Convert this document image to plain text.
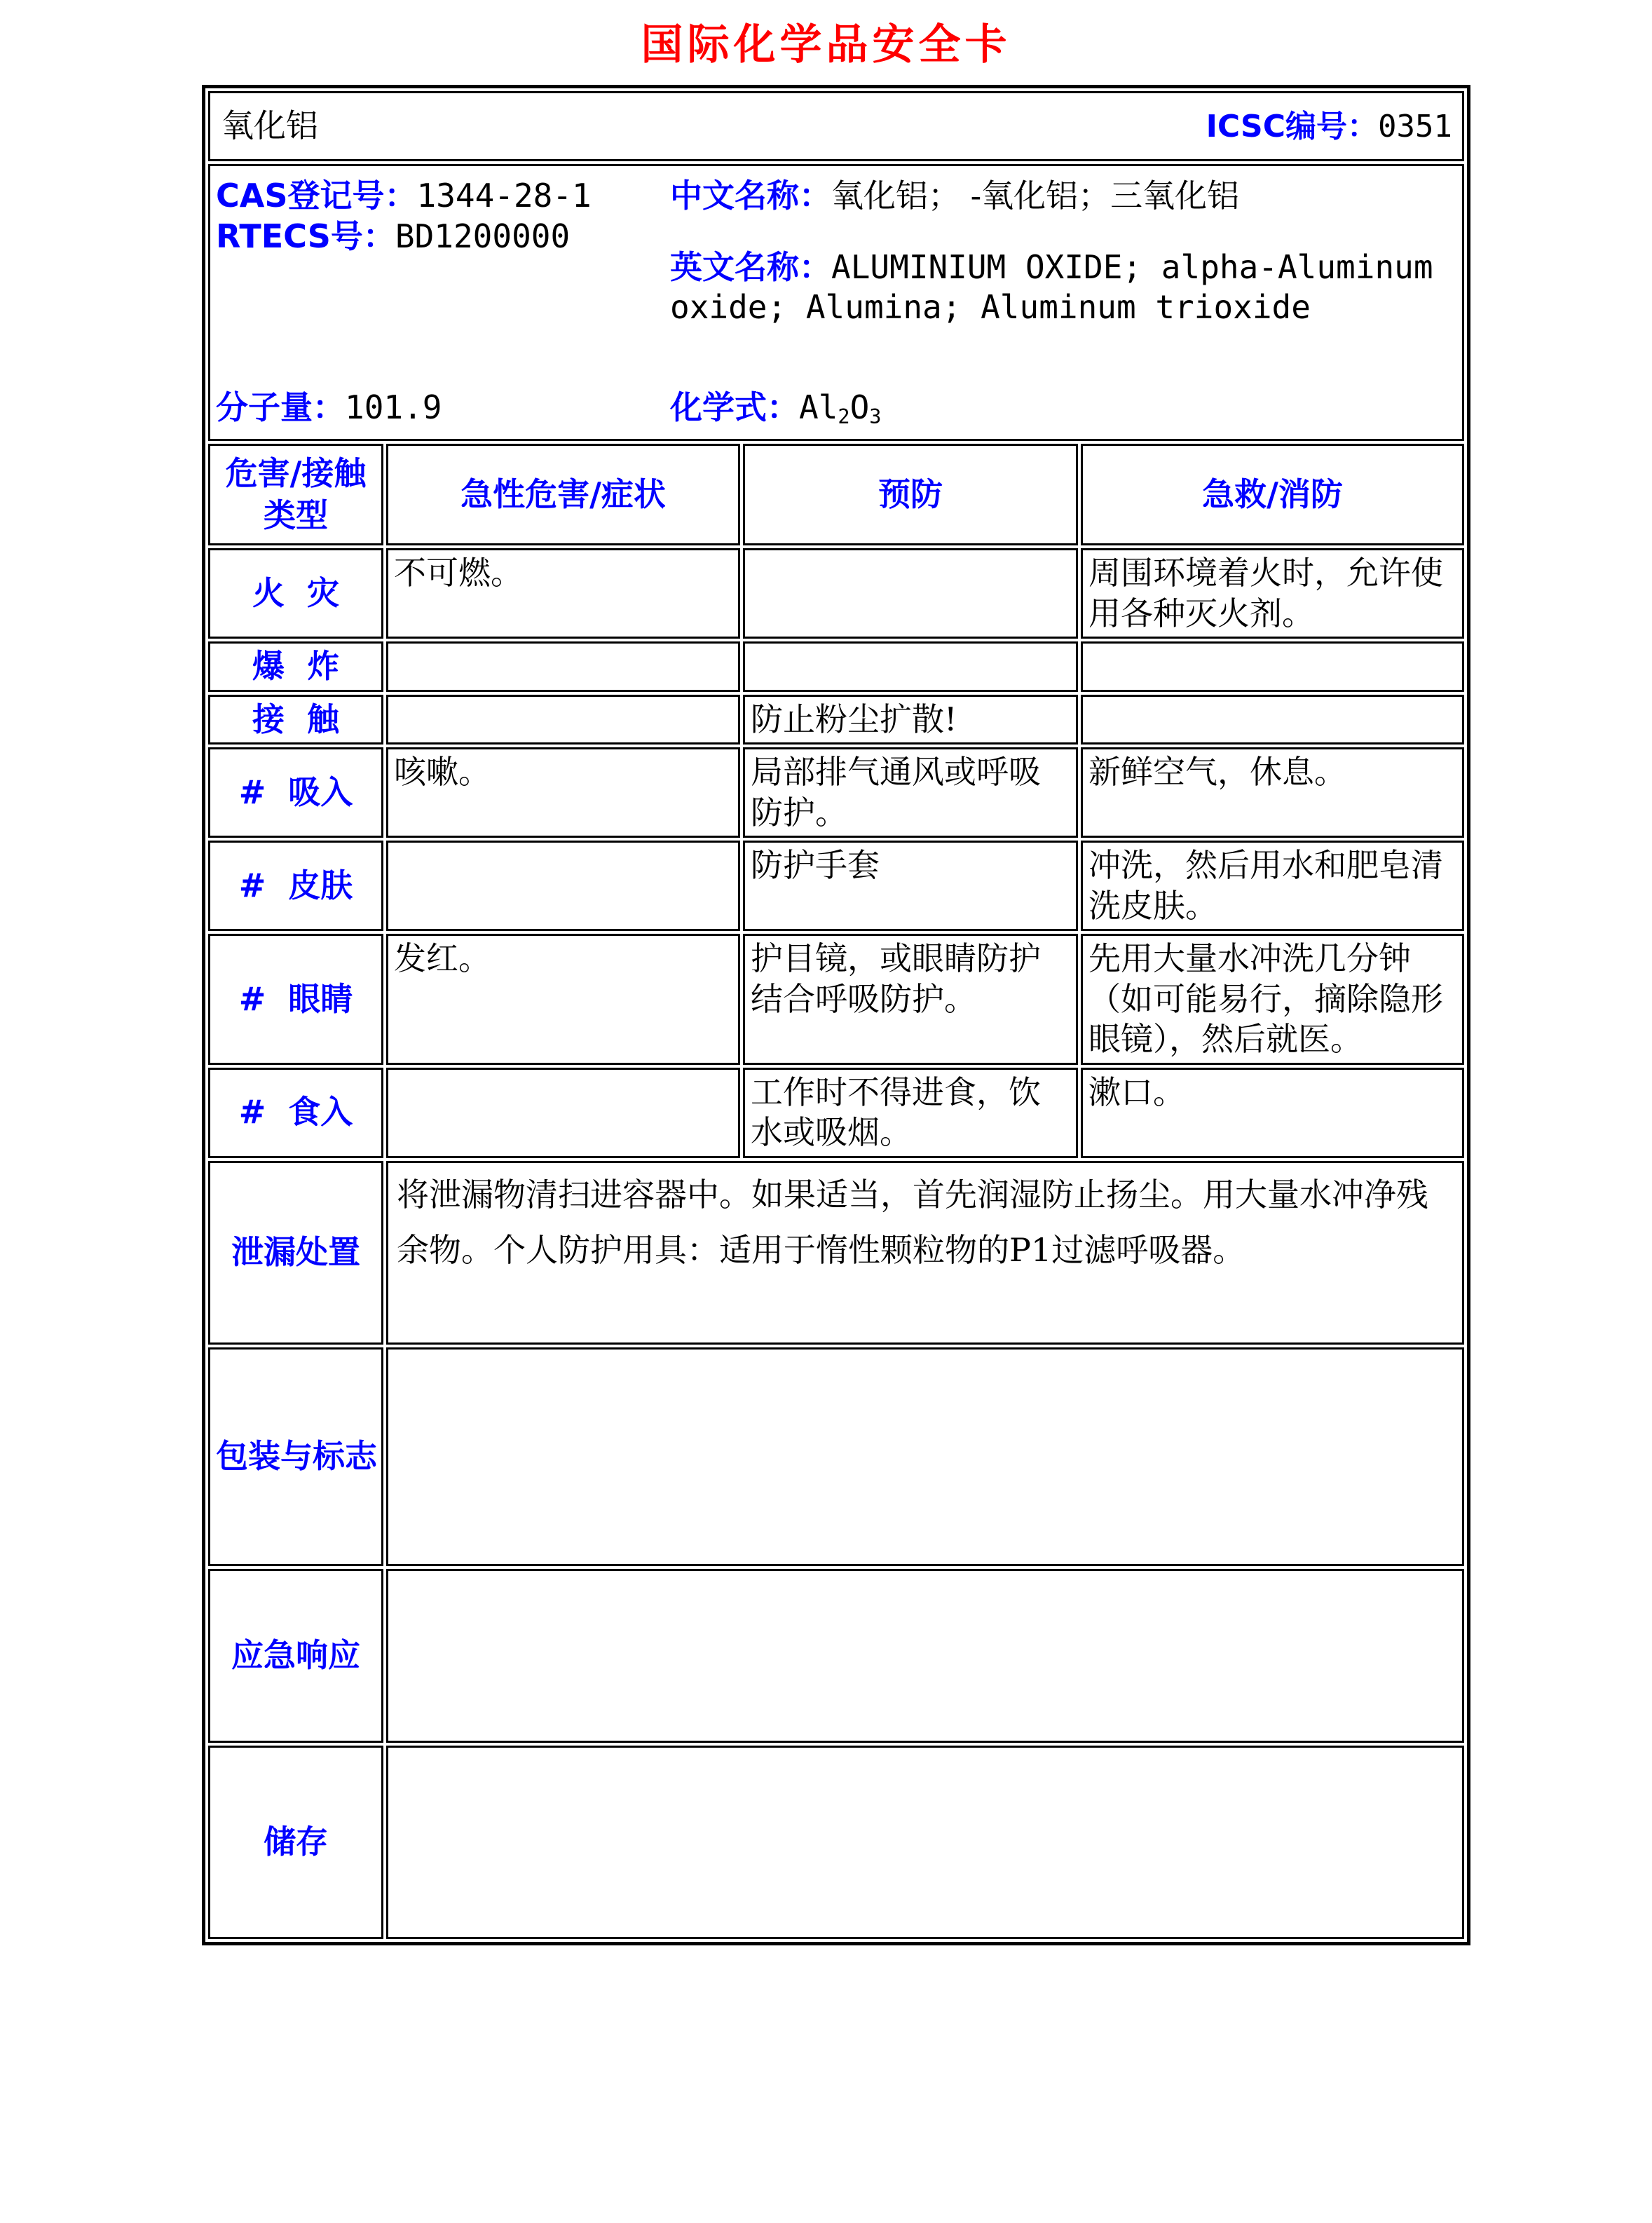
国际化学品安全卡
氧化铝 ICSC编号：0351			

CAS登记号：1344-28-1	中文名称：氧化铝； -氧化铝；三氧化铝
RTECS号：BD1200000
英文名称：ALUMINIUM OXIDE; alpha-Aluminum oxide; Alumina; Aluminum trioxide
分子量：101.9	化学式：$Al_2O_3$

危害/接触
类型	急性危害/症状	预防	急救/消防
火  灾	不可燃。		周围环境着火时，允许使用各种灭火剂。
爆  炸			
接  触		防止粉尘扩散!	
#  吸入	咳嗽。	局部排气通风或呼吸防护。	新鲜空气，休息。
#  皮肤		防护手套	冲洗，然后用水和肥皂清洗皮肤。
#  眼睛	发红。	护目镜，或眼睛防护结合呼吸防护。	先用大量水冲洗几分钟 （如可能易行，摘除隐形眼镜），然后就医。
#  食入		工作时不得进食，饮水或吸烟。	漱口。
泄漏处置	将泄漏物清扫进容器中。如果适当，首先润湿防止扬尘。用大量水冲净残余物。个人防护用具：适用于惰性颗粒物的P1过滤呼吸器。		
包装与标志			
应急响应			
储存			
